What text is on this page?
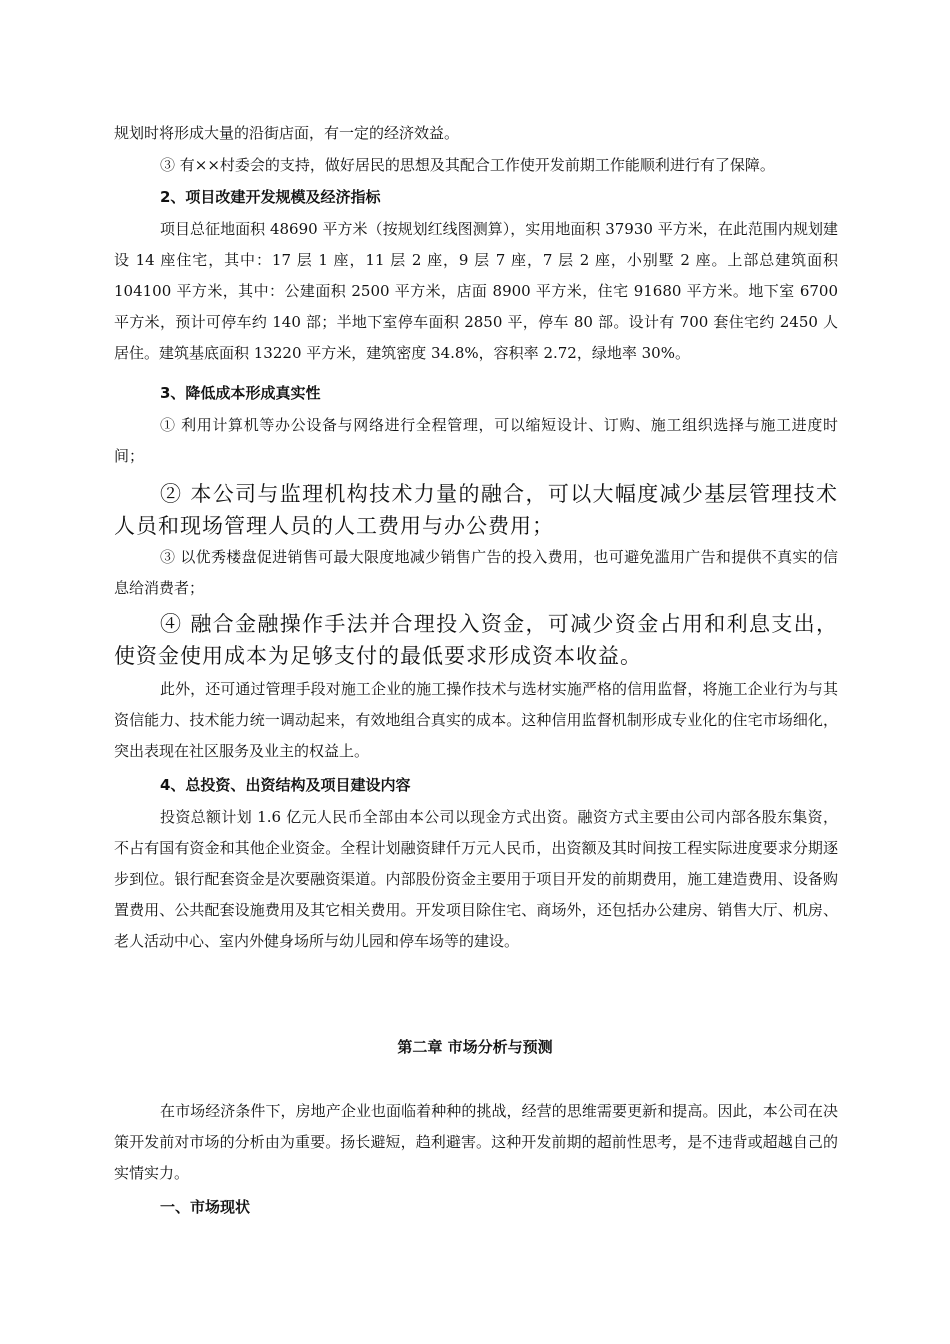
规划时将形成大量的沿街店面，有一定的经济效益。

③ 有××村委会的支持，做好居民的思想及其配合工作使开发前期工作能顺利进行有了保障。

2、项目改建开发规模及经济指标

项目总征地面积 48690 平方米（按规划红线图测算），实用地面积 37930 平方米，在此范围内规划建设 14 座住宅，其中：17 层 1 座，11 层 2 座，9 层 7 座，7 层 2 座，小别墅 2 座。上部总建筑面积 104100 平方米，其中：公建面积 2500 平方米，店面 8900 平方米，住宅 91680 平方米。地下室 6700 平方米，预计可停车约 140 部；半地下室停车面积 2850 平，停车 80 部。设计有 700 套住宅约 2450 人居住。建筑基底面积 13220 平方米，建筑密度 34.8%，容积率 2.72，绿地率 30%。

3、降低成本形成真实性

① 利用计算机等办公设备与网络进行全程管理，可以缩短设计、订购、施工组织选择与施工进度时间；

② 本公司与监理机构技术力量的融合，可以大幅度减少基层管理技术人员和现场管理人员的人工费用与办公费用；

③ 以优秀楼盘促进销售可最大限度地减少销售广告的投入费用，也可避免滥用广告和提供不真实的信息给消费者；

④ 融合金融操作手法并合理投入资金，可减少资金占用和利息支出，使资金使用成本为足够支付的最低要求形成资本收益。

此外，还可通过管理手段对施工企业的施工操作技术与选材实施严格的信用监督，将施工企业行为与其资信能力、技术能力统一调动起来，有效地组合真实的成本。这种信用监督机制形成专业化的住宅市场细化，突出表现在社区服务及业主的权益上。

4、总投资、出资结构及项目建设内容

投资总额计划 1.6 亿元人民币全部由本公司以现金方式出资。融资方式主要由公司内部各股东集资，不占有国有资金和其他企业资金。全程计划融资肆仟万元人民币，出资额及其时间按工程实际进度要求分期逐步到位。银行配套资金是次要融资渠道。内部股份资金主要用于项目开发的前期费用，施工建造费用、设备购置费用、公共配套设施费用及其它相关费用。开发项目除住宅、商场外，还包括办公建房、销售大厅、机房、老人活动中心、室内外健身场所与幼儿园和停车场等的建设。

第二章 市场分析与预测

在市场经济条件下，房地产企业也面临着种种的挑战，经营的思维需要更新和提高。因此，本公司在决策开发前对市场的分析由为重要。扬长避短，趋利避害。这种开发前期的超前性思考，是不违背或超越自己的实情实力。

一、市场现状
